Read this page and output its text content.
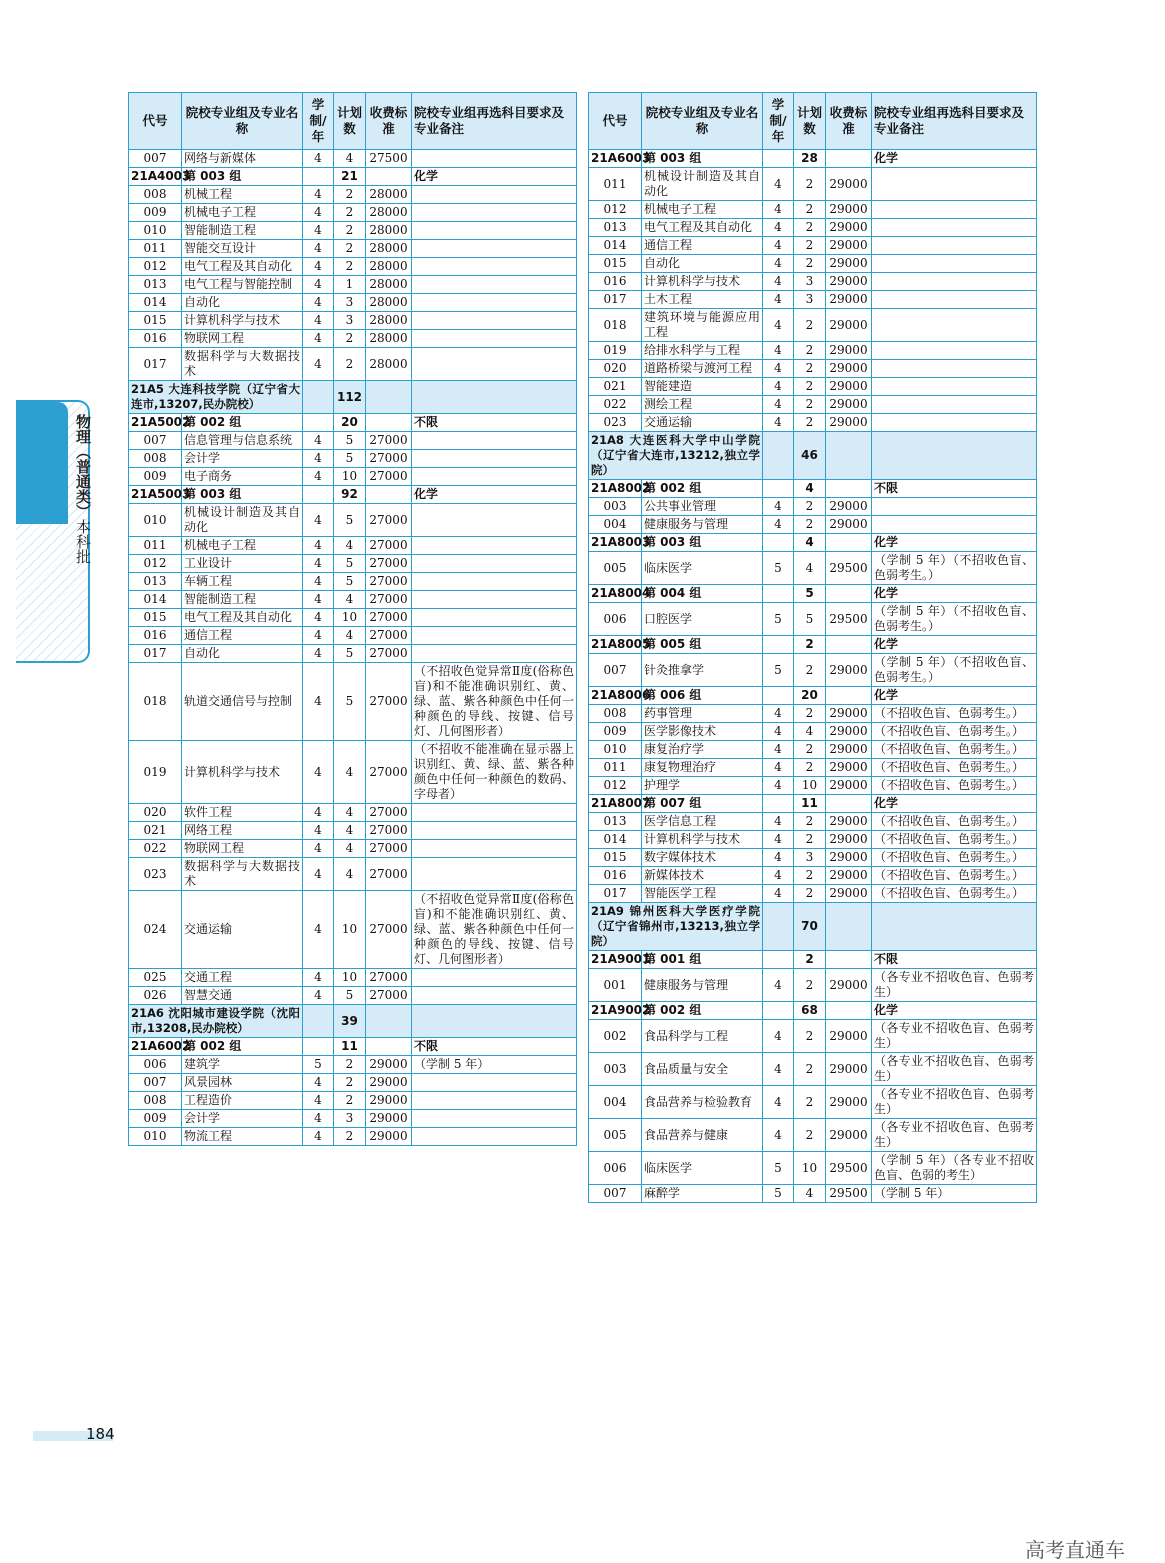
物理（普通类）本科批
代号	院校专业组及专业名称	学制/年	计划数	收费标准	院校专业组再选科目要求及专业备注
007	网络与新媒体	4	4	27500	
21A4003	第 003 组		21		化学
008	机械工程	4	2	28000	
009	机械电子工程	4	2	28000	
010	智能制造工程	4	2	28000	
011	智能交互设计	4	2	28000	
012	电气工程及其自动化	4	2	28000	
013	电气工程与智能控制	4	1	28000	
014	自动化	4	3	28000	
015	计算机科学与技术	4	3	28000	
016	物联网工程	4	2	28000	
017	数据科学与大数据技术	4	2	28000	
21A5 大连科技学院（辽宁省大连市,13207,民办院校）			112		
21A5002	第 002 组		20		不限
007	信息管理与信息系统	4	5	27000	
008	会计学	4	5	27000	
009	电子商务	4	10	27000	
21A5003	第 003 组		92		化学
010	机械设计制造及其自动化	4	5	27000	
011	机械电子工程	4	4	27000	
012	工业设计	4	5	27000	
013	车辆工程	4	5	27000	
014	智能制造工程	4	4	27000	
015	电气工程及其自动化	4	10	27000	
016	通信工程	4	4	27000	
017	自动化	4	5	27000	
018	轨道交通信号与控制	4	5	27000	（不招收色觉异常Ⅱ度(俗称色盲)和不能准确识别红、黄、绿、蓝、紫各种颜色中任何一种颜色的导线、按键、信号灯、几何图形者）
019	计算机科学与技术	4	4	27000	（不招收不能准确在显示器上识别红、黄、绿、蓝、紫各种颜色中任何一种颜色的数码、字母者）
020	软件工程	4	4	27000	
021	网络工程	4	4	27000	
022	物联网工程	4	4	27000	
023	数据科学与大数据技术	4	4	27000	
024	交通运输	4	10	27000	（不招收色觉异常Ⅱ度(俗称色盲)和不能准确识别红、黄、绿、蓝、紫各种颜色中任何一种颜色的导线、按键、信号灯、几何图形者）
025	交通工程	4	10	27000	
026	智慧交通	4	5	27000	
21A6 沈阳城市建设学院（沈阳市,13208,民办院校）			39		
21A6002	第 002 组		11		不限
006	建筑学	5	2	29000	（学制 5 年）
007	风景园林	4	2	29000	
008	工程造价	4	2	29000	
009	会计学	4	3	29000	
010	物流工程	4	2	29000	
代号	院校专业组及专业名称	学制/年	计划数	收费标准	院校专业组再选科目要求及专业备注
21A6003	第 003 组		28		化学
011	机械设计制造及其自动化	4	2	29000	
012	机械电子工程	4	2	29000	
013	电气工程及其自动化	4	2	29000	
014	通信工程	4	2	29000	
015	自动化	4	2	29000	
016	计算机科学与技术	4	3	29000	
017	土木工程	4	3	29000	
018	建筑环境与能源应用工程	4	2	29000	
019	给排水科学与工程	4	2	29000	
020	道路桥梁与渡河工程	4	2	29000	
021	智能建造	4	2	29000	
022	测绘工程	4	2	29000	
023	交通运输	4	2	29000	
21A8 大连医科大学中山学院（辽宁省大连市,13212,独立学院）			46		
21A8002	第 002 组		4		不限
003	公共事业管理	4	2	29000	
004	健康服务与管理	4	2	29000	
21A8003	第 003 组		4		化学
005	临床医学	5	4	29500	（学制 5 年）（不招收色盲、色弱考生。）
21A8004	第 004 组		5		化学
006	口腔医学	5	5	29500	（学制 5 年）（不招收色盲、色弱考生。）
21A8005	第 005 组		2		化学
007	针灸推拿学	5	2	29000	（学制 5 年）（不招收色盲、色弱考生。）
21A8006	第 006 组		20		化学
008	药事管理	4	2	29000	（不招收色盲、色弱考生。）
009	医学影像技术	4	4	29000	（不招收色盲、色弱考生。）
010	康复治疗学	4	2	29000	（不招收色盲、色弱考生。）
011	康复物理治疗	4	2	29000	（不招收色盲、色弱考生。）
012	护理学	4	10	29000	（不招收色盲、色弱考生。）
21A8007	第 007 组		11		化学
013	医学信息工程	4	2	29000	（不招收色盲、色弱考生。）
014	计算机科学与技术	4	2	29000	（不招收色盲、色弱考生。）
015	数字媒体技术	4	3	29000	（不招收色盲、色弱考生。）
016	新媒体技术	4	2	29000	（不招收色盲、色弱考生。）
017	智能医学工程	4	2	29000	（不招收色盲、色弱考生。）
21A9 锦州医科大学医疗学院（辽宁省锦州市,13213,独立学院）			70		
21A9001	第 001 组		2		不限
001	健康服务与管理	4	2	29000	（各专业不招收色盲、色弱考生）
21A9002	第 002 组		68		化学
002	食品科学与工程	4	2	29000	（各专业不招收色盲、色弱考生）
003	食品质量与安全	4	2	29000	（各专业不招收色盲、色弱考生）
004	食品营养与检验教育	4	2	29000	（各专业不招收色盲、色弱考生）
005	食品营养与健康	4	2	29000	（各专业不招收色盲、色弱考生）
006	临床医学	5	10	29500	（学制 5 年）（各专业不招收色盲、色弱的考生）
007	麻醉学	5	4	29500	（学制 5 年）
184
高考直通车
